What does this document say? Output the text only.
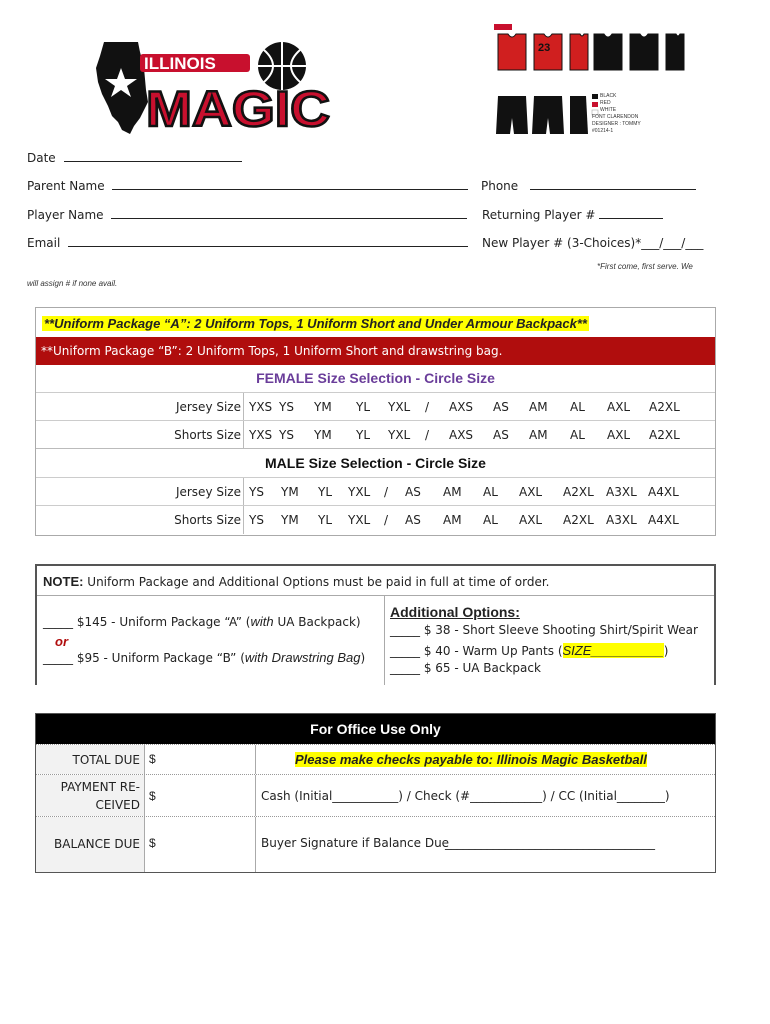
ILLINOIS
MAGIC
23
BLACK
RED
WHITE
FONT CLARENDON
DESIGNER : TOMMY
#01214-1
Date
Parent Name	Phone
Player Name	Returning Player #
Email	New Player # (3-Choices)*___/___/___
*First come, first serve. We
will assign # if none avail.
**Uniform Package “A”: 2 Uniform Tops, 1 Uniform Short and Under Armour Backpack**
**Uniform Package “B”: 2 Uniform Tops, 1 Uniform Short and drawstring bag.
FEMALE Size Selection - Circle Size
Jersey Size YXS YS YM YL YXL / AXS AS AM AL AXL A2XL
Shorts Size YXS YS YM YL YXL / AXS AS AM AL AXL A2XL
MALE Size Selection - Circle Size
Jersey Size YS YM YL YXL / AS AM AL AXL A2XL A3XL A4XL
Shorts Size YS YM YL YXL / AS AM AL AXL A2XL A3XL A4XL
NOTE: Uniform Package and Additional Options must be paid in full at time of order.
_____ $145 - Uniform Package “A” (with UA Backpack)
or
_____ $95 - Uniform Package “B” (with Drawstring Bag)
Additional Options:
_____ $ 38 - Short Sleeve Shooting Shirt/Spirit Wear
_____ $ 40 - Warm Up Pants (SIZE__________)
_____ $ 65 - UA Backpack
For Office Use Only
TOTAL DUE $	Please make checks payable to: Illinois Magic Basketball
PAYMENT RE-
CEIVED
$	Cash (Initial___________) / Check (#____________) / CC (Initial________)
BALANCE DUE $	Buyer Signature if Balance Due
___________________________________
